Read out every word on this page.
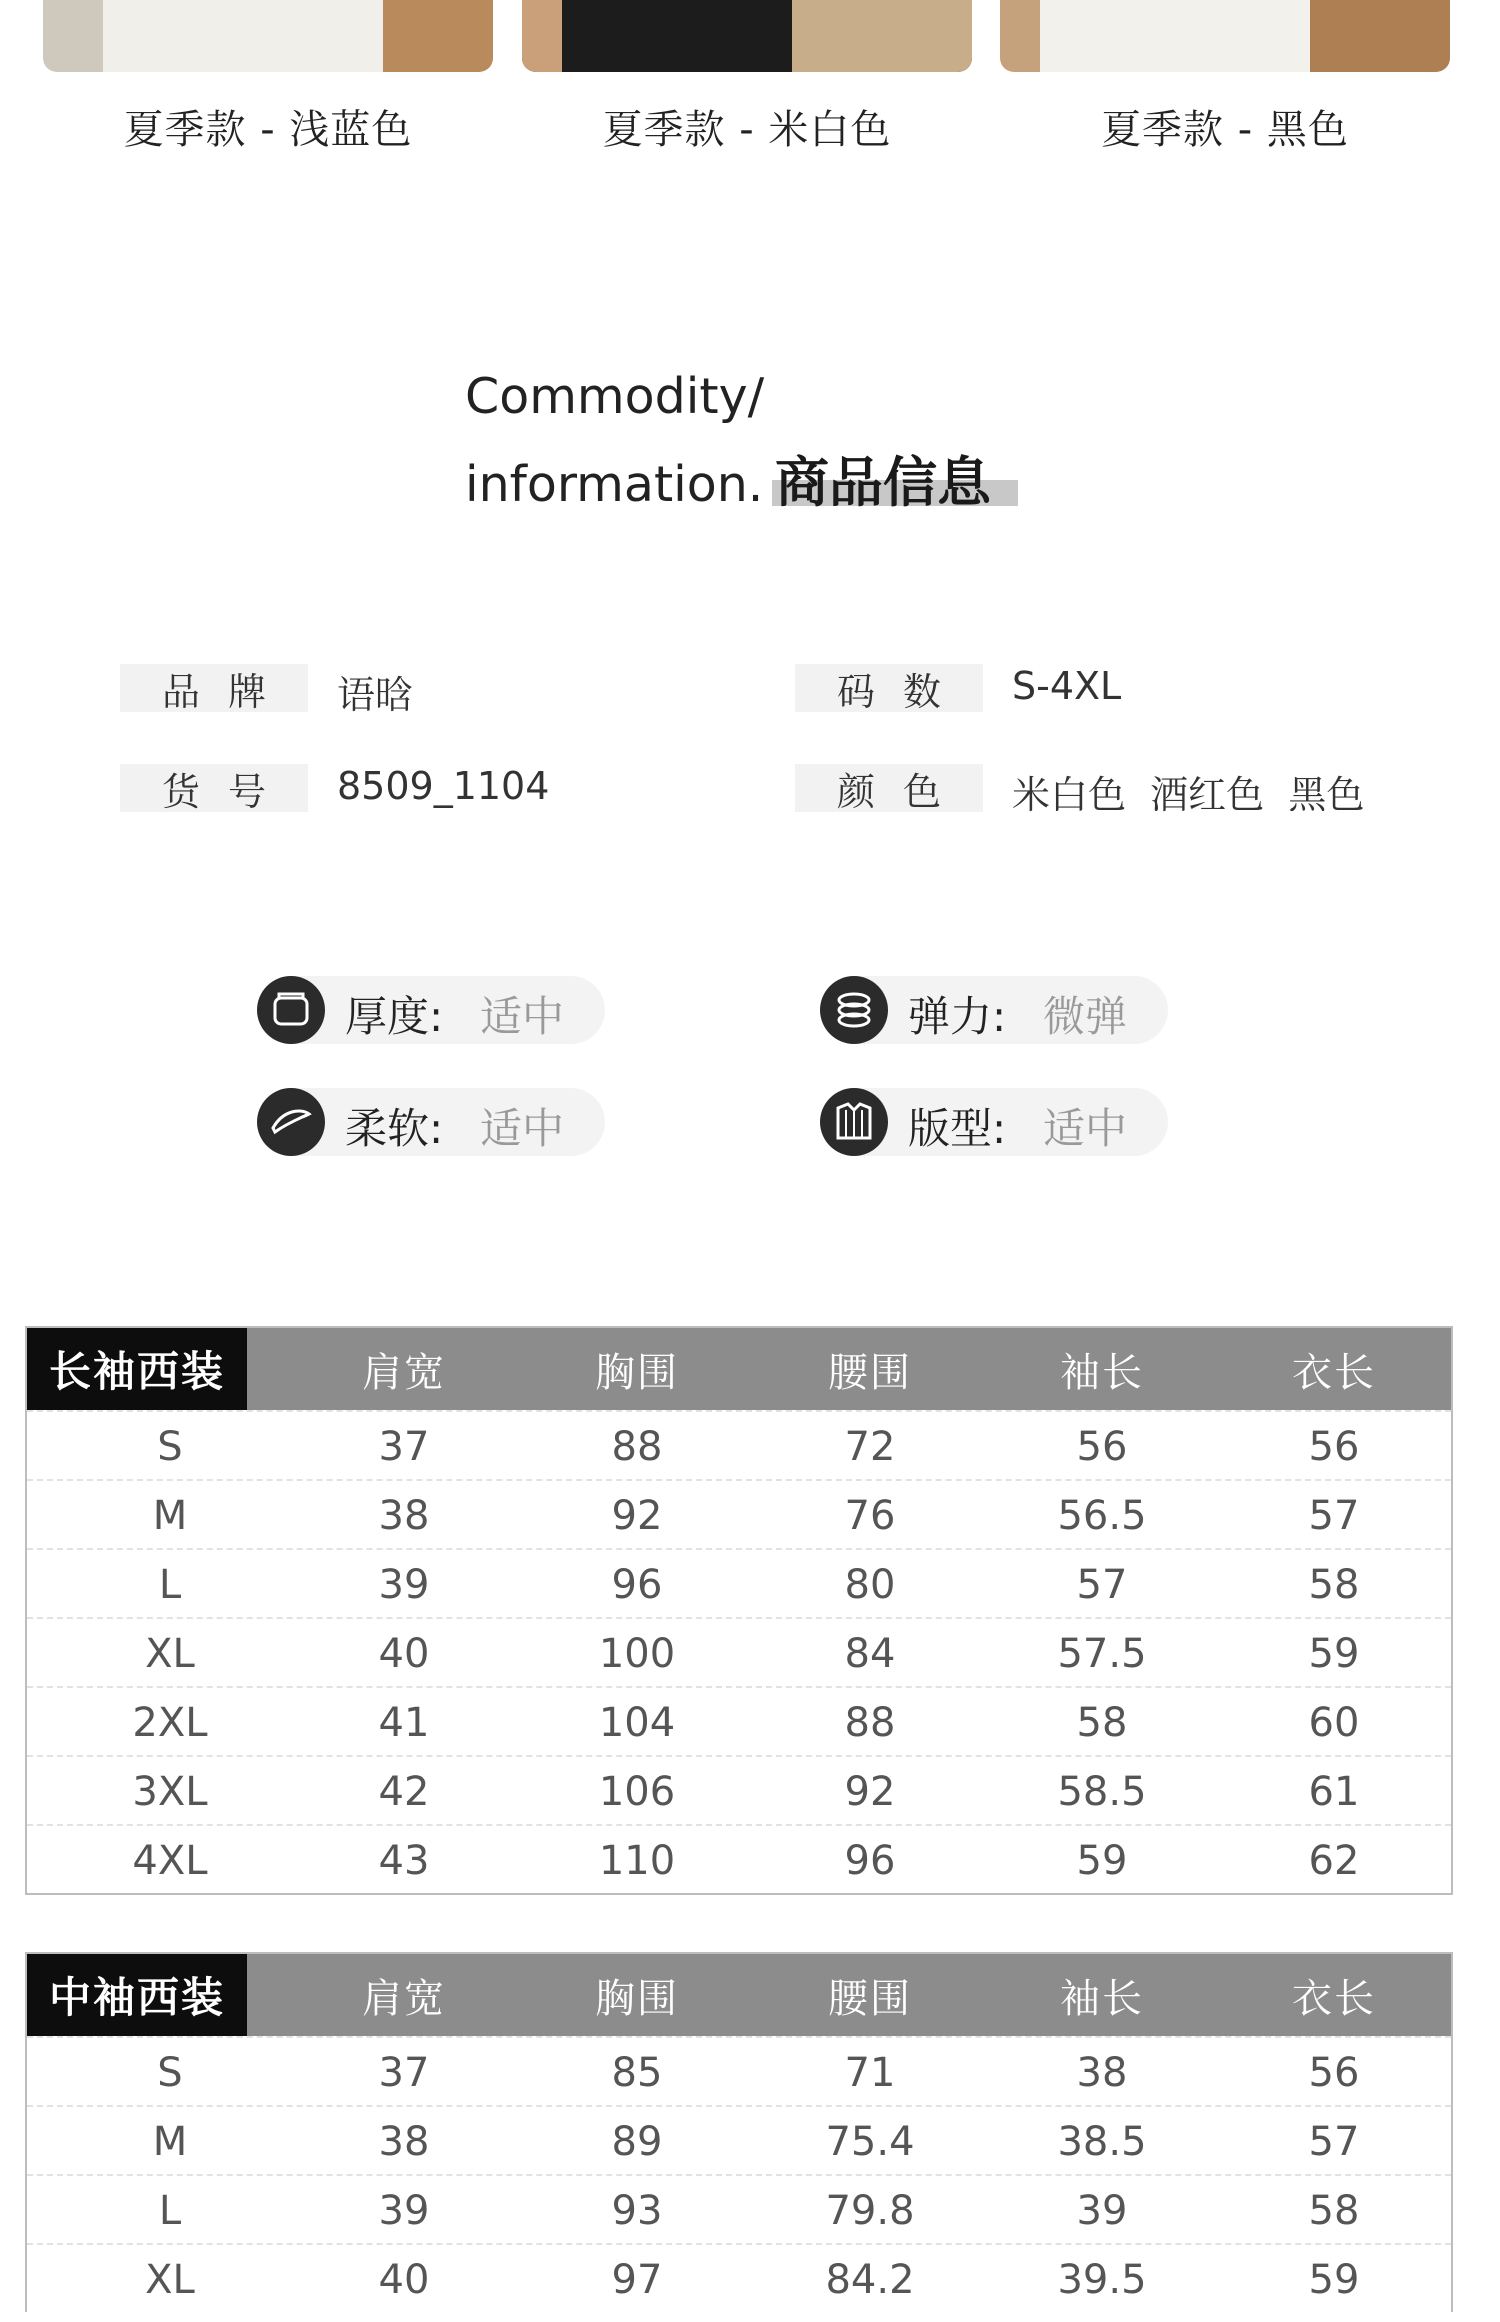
夏季款 - 浅蓝色	夏季款 - 米白色	夏季款 - 黑色
Commodity/
information. 商品信息
品牌	语晗	码数	S-4XL
货号	8509_1104	颜色	米白色  酒红色  黑色
厚度: 适中	弹力: 微弹
柔软: 适中	版型: 适中
长袖西装	肩宽	胸围	腰围	袖长	衣长
S	37	88	72	56	56
M	38	92	76	56.5	57
L	39	96	80	57	58
XL	40	100	84	57.5	59
2XL	41	104	88	58	60
3XL	42	106	92	58.5	61
4XL	43	110	96	59	62
中袖西装	肩宽	胸围	腰围	袖长	衣长
S	37	85	71	38	56
M	38	89	75.4	38.5	57
L	39	93	79.8	39	58
XL	40	97	84.2	39.5	59
